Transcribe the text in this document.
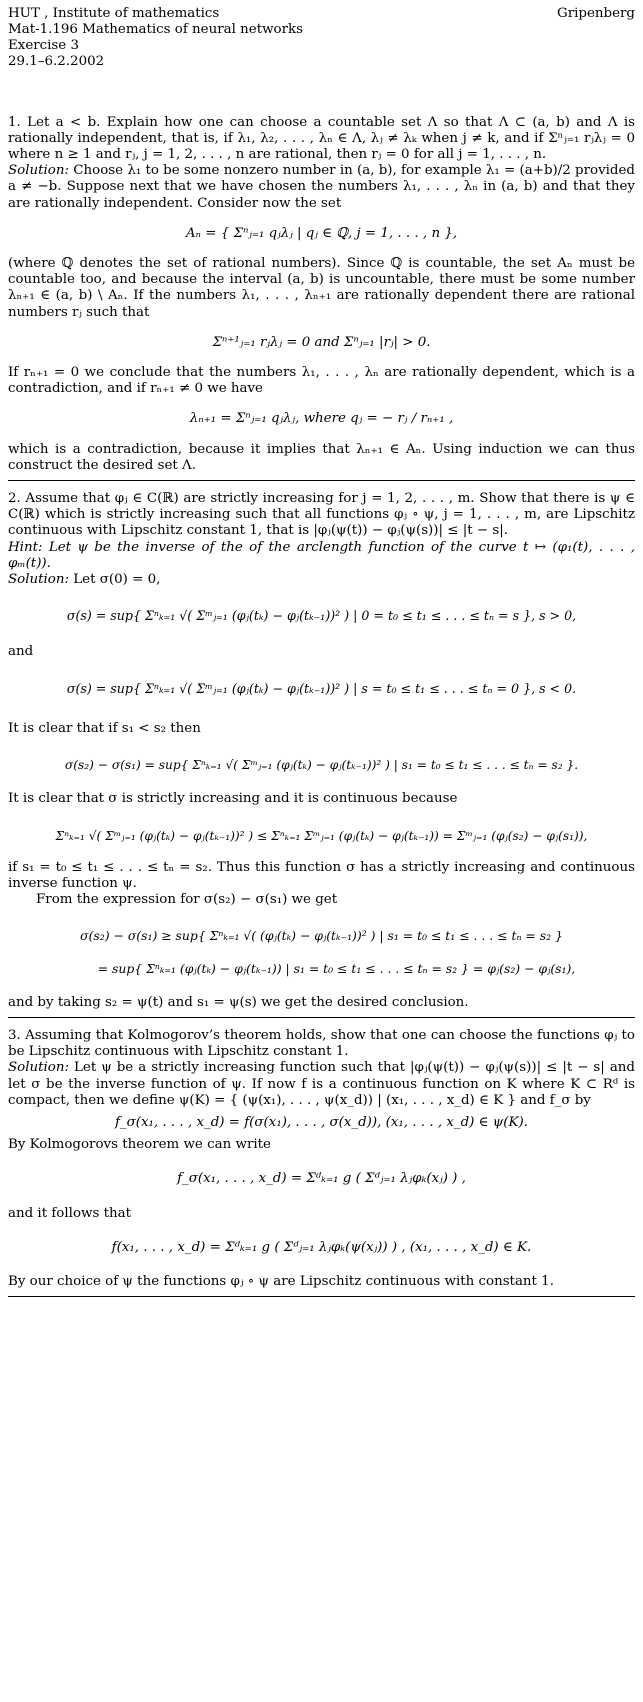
HUT , Institute of mathematics	Gripenberg
Mat-1.196 Mathematics of neural networks
Exercise 3
29.1–6.2.2002

1. Let a < b. Explain how one can choose a countable set Λ so that Λ ⊂ (a, b) and Λ is rationally independent, that is, if λ₁, λ₂, . . . , λₙ ∈ Λ, λⱼ ≠ λₖ when j ≠ k, and if Σⁿⱼ₌₁ rⱼλⱼ = 0 where n ≥ 1 and rⱼ, j = 1, 2, . . . , n are rational, then rⱼ = 0 for all j = 1, . . . , n.

Solution: Choose λ₁ to be some nonzero number in (a, b), for example λ₁ = (a+b)/2 provided a ≠ −b. Suppose next that we have chosen the numbers λ₁, . . . , λₙ in (a, b) and that they are rationally independent. Consider now the set

Aₙ = { Σⁿⱼ₌₁ qⱼλⱼ | qⱼ ∈ ℚ, j = 1, . . . , n },

(where ℚ denotes the set of rational numbers). Since ℚ is countable, the set Aₙ must be countable too, and because the interval (a, b) is uncountable, there must be some number λₙ₊₁ ∈ (a, b) \ Aₙ. If the numbers λ₁, . . . , λₙ₊₁ are rationally dependent there are rational numbers rⱼ such that

Σⁿ⁺¹ⱼ₌₁ rⱼλⱼ = 0 and Σⁿⱼ₌₁ |rⱼ| > 0.

If rₙ₊₁ = 0 we conclude that the numbers λ₁, . . . , λₙ are rationally dependent, which is a contradiction, and if rₙ₊₁ ≠ 0 we have

λₙ₊₁ = Σⁿⱼ₌₁ qⱼλⱼ, where qⱼ = − rⱼ / rₙ₊₁ ,

which is a contradiction, because it implies that λₙ₊₁ ∈ Aₙ. Using induction we can thus construct the desired set Λ.

2. Assume that φⱼ ∈ C(ℝ) are strictly increasing for j = 1, 2, . . . , m. Show that there is ψ ∈ C(ℝ) which is strictly increasing such that all functions φⱼ ∘ ψ, j = 1, . . . , m, are Lipschitz continuous with Lipschitz constant 1, that is |φⱼ(ψ(t)) − φⱼ(ψ(s))| ≤ |t − s|.

Hint: Let ψ be the inverse of the of the arclength function of the curve t ↦ (φ₁(t), . . . , φₘ(t)).

Solution: Let σ(0) = 0,

σ(s) = sup{ Σⁿₖ₌₁ √( Σᵐⱼ₌₁ (φⱼ(tₖ) − φⱼ(tₖ₋₁))² ) | 0 = t₀ ≤ t₁ ≤ . . . ≤ tₙ = s }, s > 0,

and

σ(s) = sup{ Σⁿₖ₌₁ √( Σᵐⱼ₌₁ (φⱼ(tₖ) − φⱼ(tₖ₋₁))² ) | s = t₀ ≤ t₁ ≤ . . . ≤ tₙ = 0 }, s < 0.

It is clear that if s₁ < s₂ then

σ(s₂) − σ(s₁) = sup{ Σⁿₖ₌₁ √( Σᵐⱼ₌₁ (φⱼ(tₖ) − φⱼ(tₖ₋₁))² ) | s₁ = t₀ ≤ t₁ ≤ . . . ≤ tₙ = s₂ }.

It is clear that σ is strictly increasing and it is continuous because

Σⁿₖ₌₁ √( Σᵐⱼ₌₁ (φⱼ(tₖ) − φⱼ(tₖ₋₁))² ) ≤ Σⁿₖ₌₁ Σᵐⱼ₌₁ (φⱼ(tₖ) − φⱼ(tₖ₋₁)) = Σᵐⱼ₌₁ (φⱼ(s₂) − φⱼ(s₁)),

if s₁ = t₀ ≤ t₁ ≤ . . . ≤ tₙ = s₂. Thus this function σ has a strictly increasing and continuous inverse function ψ.

From the expression for σ(s₂) − σ(s₁) we get

σ(s₂) − σ(s₁) ≥ sup{ Σⁿₖ₌₁ √( (φⱼ(tₖ) − φⱼ(tₖ₋₁))² ) | s₁ = t₀ ≤ t₁ ≤ . . . ≤ tₙ = s₂ }
= sup{ Σⁿₖ₌₁ (φⱼ(tₖ) − φⱼ(tₖ₋₁)) | s₁ = t₀ ≤ t₁ ≤ . . . ≤ tₙ = s₂ } = φⱼ(s₂) − φⱼ(s₁),

and by taking s₂ = ψ(t) and s₁ = ψ(s) we get the desired conclusion.

3. Assuming that Kolmogorov’s theorem holds, show that one can choose the functions φⱼ to be Lipschitz continuous with Lipschitz constant 1.

Solution: Let ψ be a strictly increasing function such that |φⱼ(ψ(t)) − φⱼ(ψ(s))| ≤ |t − s| and let σ be the inverse function of ψ. If now f is a continuous function on K where K ⊂ Rᵈ is compact, then we define ψ(K) = { (ψ(x₁), . . . , ψ(x_d)) | (x₁, . . . , x_d) ∈ K } and f_σ by

f_σ(x₁, . . . , x_d) = f(σ(x₁), . . . , σ(x_d)), (x₁, . . . , x_d) ∈ ψ(K).

By Kolmogorovs theorem we can write

f_σ(x₁, . . . , x_d) = Σᵈₖ₌₁ g ( Σᵈⱼ₌₁ λⱼφₖ(xⱼ) ) ,

and it follows that

f(x₁, . . . , x_d) = Σᵈₖ₌₁ g ( Σᵈⱼ₌₁ λⱼφₖ(ψ(xⱼ)) ) , (x₁, . . . , x_d) ∈ K.

By our choice of ψ the functions φⱼ ∘ ψ are Lipschitz continuous with constant 1.
